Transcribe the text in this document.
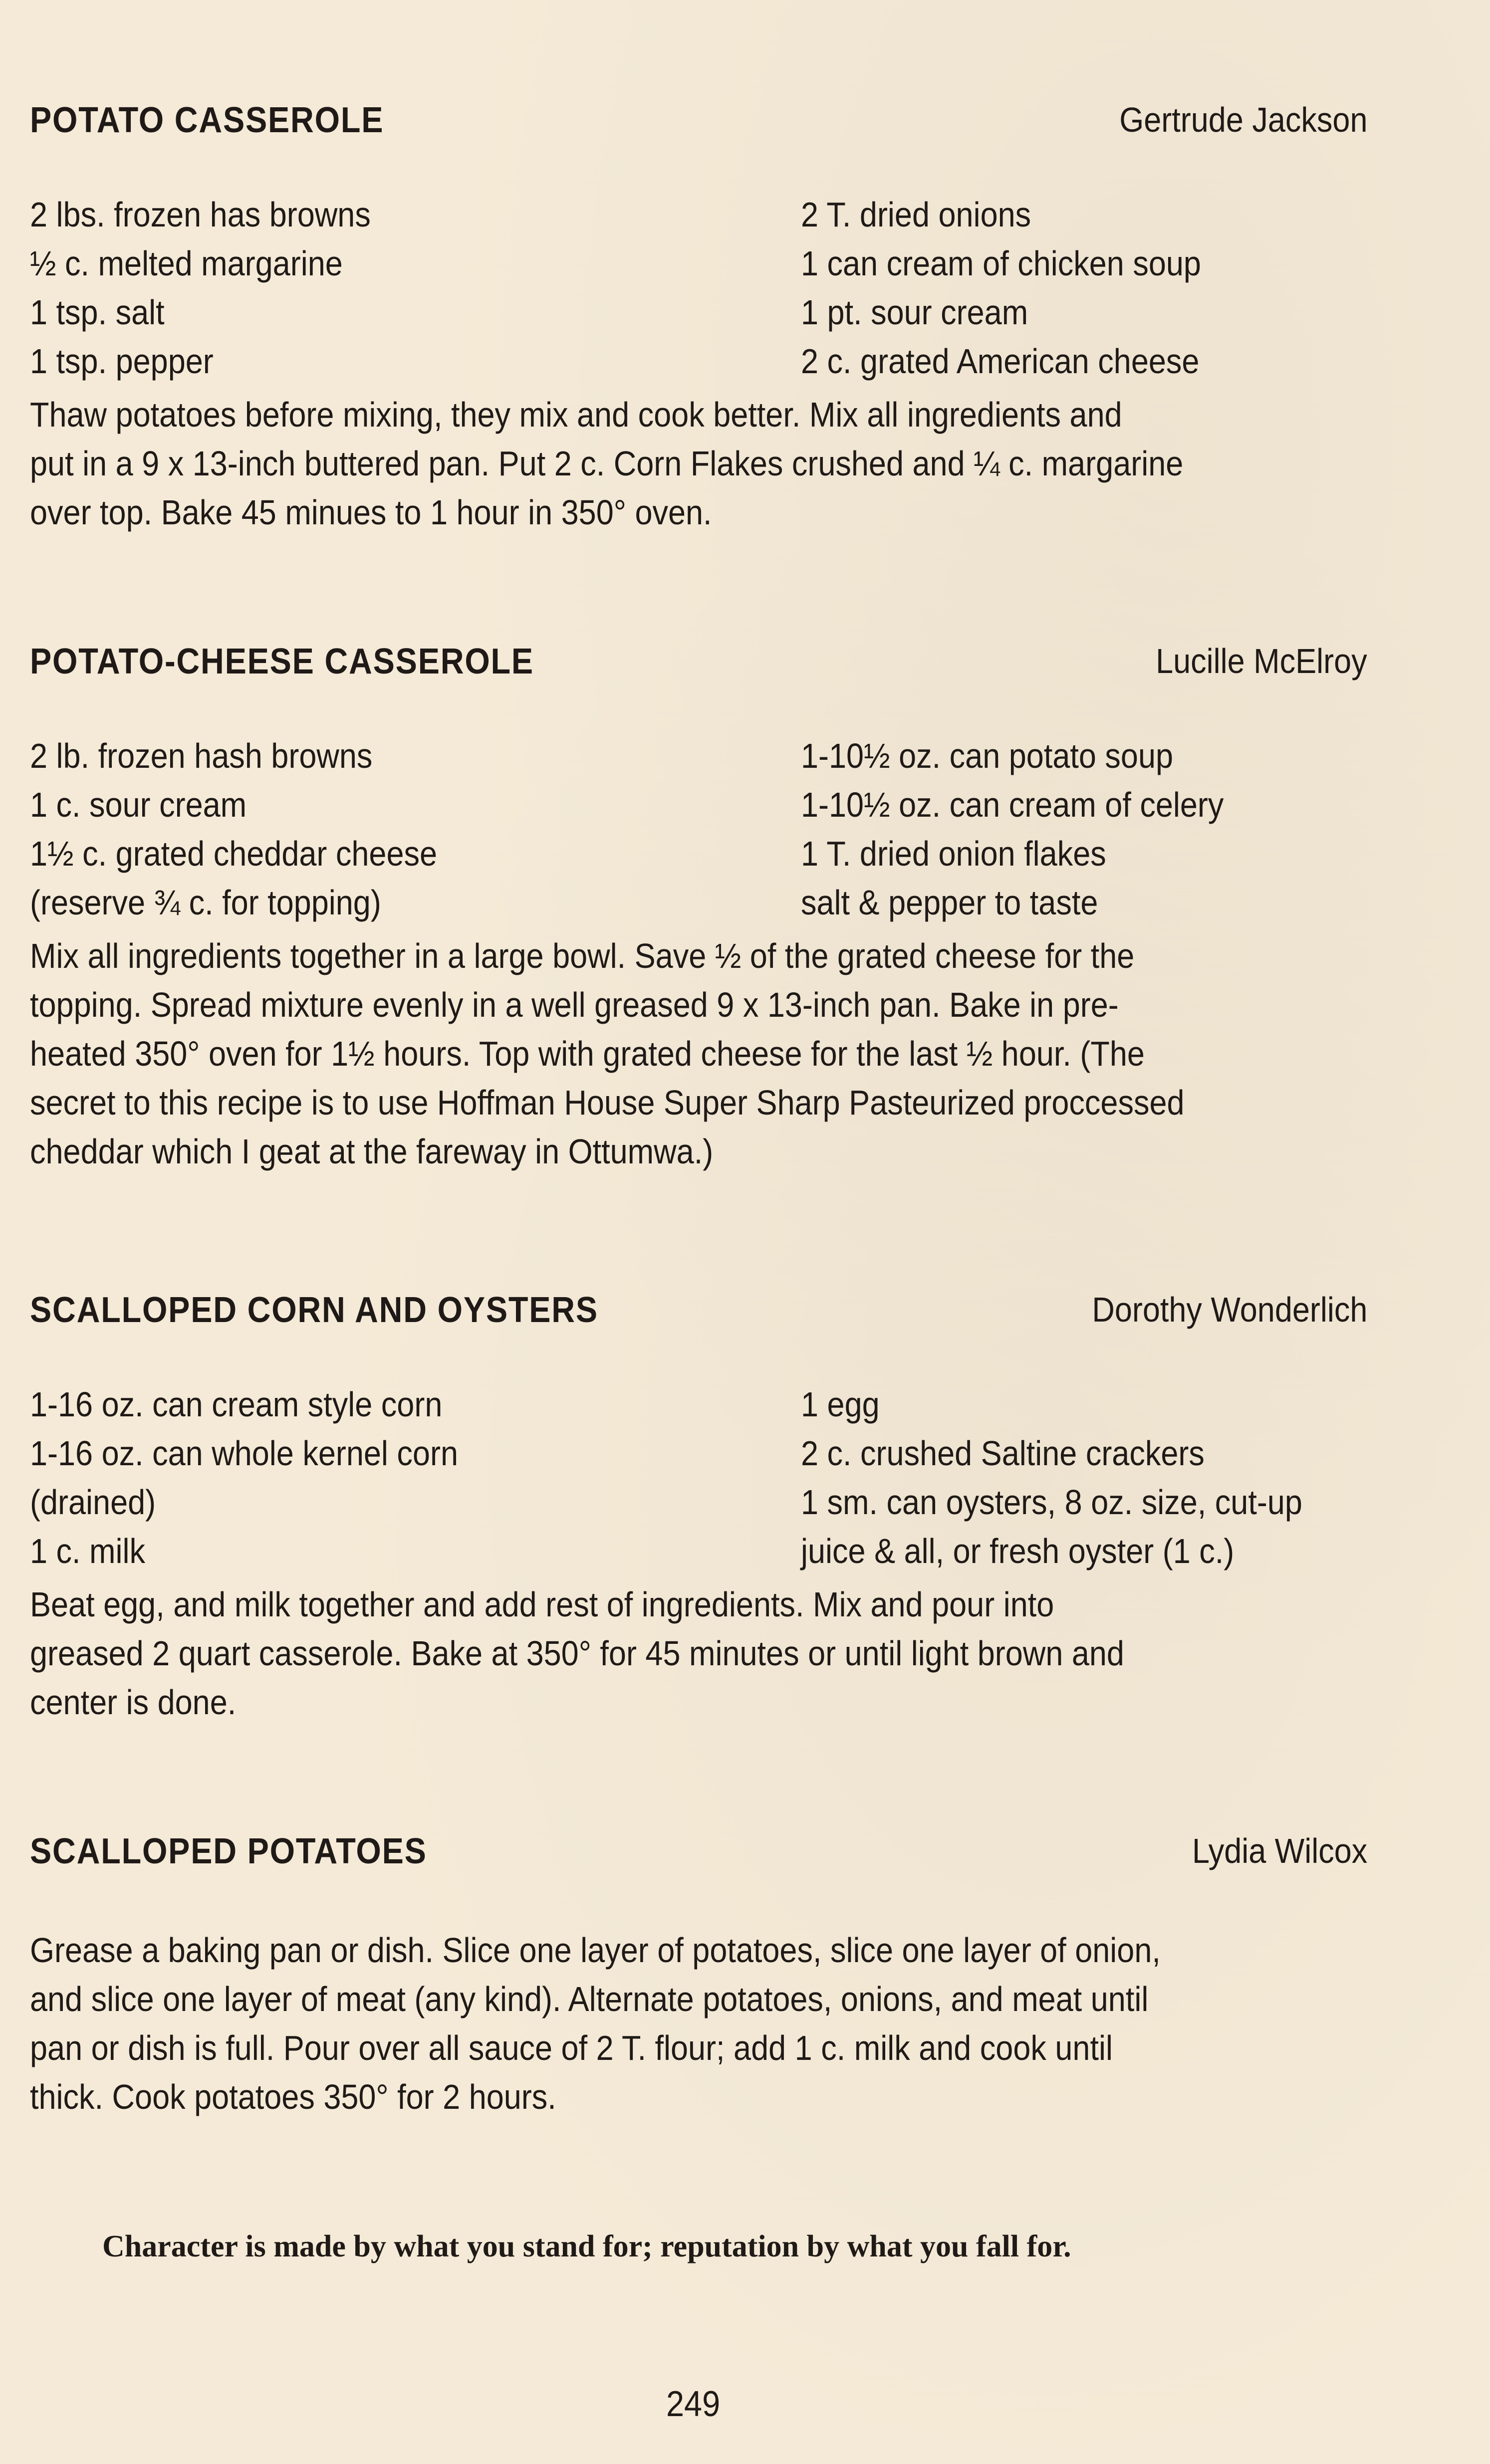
POTATO CASSEROLE	Gertrude Jackson
2 lbs. frozen has browns	2 T. dried onions
½ c. melted margarine	1 can cream of chicken soup
1 tsp. salt	1 pt. sour cream
1 tsp. pepper	2 c. grated American cheese

Thaw potatoes before mixing, they mix and cook better. Mix all ingredients and

put in a 9 x 13-inch buttered pan. Put 2 c. Corn Flakes crushed and ¼ c. margarine

over top. Bake 45 minues to 1 hour in 350° oven.

POTATO-CHEESE CASSEROLE	Lucille McElroy
2 lb. frozen hash browns	1-10½ oz. can potato soup
1 c. sour cream	1-10½ oz. can cream of celery
1½ c. grated cheddar cheese	1 T. dried onion flakes
(reserve ¾ c. for topping)	salt & pepper to taste

Mix all ingredients together in a large bowl. Save ½ of the grated cheese for the

topping. Spread mixture evenly in a well greased 9 x 13-inch pan. Bake in pre-

heated 350° oven for 1½ hours. Top with grated cheese for the last ½ hour. (The

secret to this recipe is to use Hoffman House Super Sharp Pasteurized proccessed

cheddar which I geat at the fareway in Ottumwa.)

SCALLOPED CORN AND OYSTERS	Dorothy Wonderlich
1-16 oz. can cream style corn	1 egg
1-16 oz. can whole kernel corn	2 c. crushed Saltine crackers
(drained)	1 sm. can oysters, 8 oz. size, cut-up
1 c. milk	juice & all, or fresh oyster (1 c.)

Beat egg, and milk together and add rest of ingredients. Mix and pour into

greased 2 quart casserole. Bake at 350° for 45 minutes or until light brown and

center is done.

SCALLOPED POTATOES	Lydia Wilcox

Grease a baking pan or dish. Slice one layer of potatoes, slice one layer of onion,

and slice one layer of meat (any kind). Alternate potatoes, onions, and meat until

pan or dish is full. Pour over all sauce of 2 T. flour; add 1 c. milk and cook until

thick. Cook potatoes 350° for 2 hours.

Character is made by what you stand for; reputation by what you fall for.
249
